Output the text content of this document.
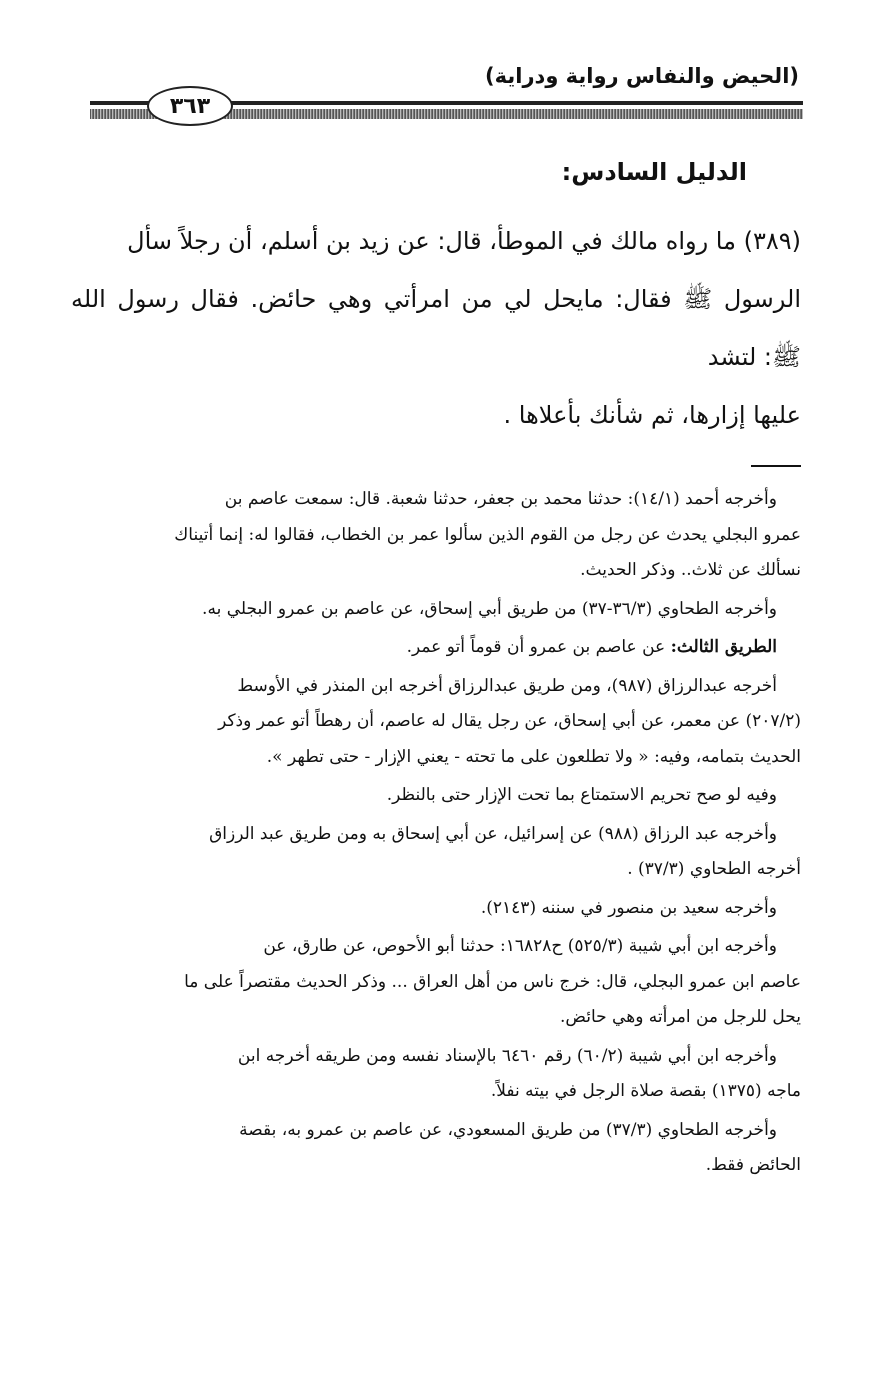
(الحيض والنفاس رواية ودراية)
٣٦٣
الدليل السادس:
(٣٨٩) ما رواه مالك في الموطأ، قال: عن زيد بن أسلم، أن رجلاً سأل
الرسول ﷺ فقال: مايحل لي من امرأتي وهي حائض. فقال رسول الله ﷺ: لتشد
عليها إزارها، ثم شأنك بأعلاها .
وأخرجه أحمد (١٤/١): حدثنا محمد بن جعفر، حدثنا شعبة. قال: سمعت عاصم بن
عمرو البجلي يحدث عن رجل من القوم الذين سألوا عمر بن الخطاب، فقالوا له: إنما أتيناك
نسألك عن ثلاث.. وذكر الحديث.
وأخرجه الطحاوي (٣٦/٣-٣٧) من طريق أبي إسحاق، عن عاصم بن عمرو البجلي به.
الطريق الثالث: عن عاصم بن عمرو أن قوماً أتو عمر.
أخرجه عبدالرزاق (٩٨٧)، ومن طريق عبدالرزاق أخرجه ابن المنذر في الأوسط
(٢٠٧/٢) عن معمر، عن أبي إسحاق، عن رجل يقال له عاصم، أن رهطاً أتو عمر وذكر
الحديث بتمامه، وفيه: « ولا تطلعون على ما تحته - يعني الإزار - حتى تطهر ».
وفيه لو صح تحريم الاستمتاع بما تحت الإزار حتى بالنظر.
وأخرجه عبد الرزاق (٩٨٨) عن إسرائيل، عن أبي إسحاق به ومن طريق عبد الرزاق
أخرجه الطحاوي (٣٧/٣) .
وأخرجه سعيد بن منصور في سننه (٢١٤٣).
وأخرجه ابن أبي شيبة (٥٢٥/٣) ح١٦٨٢٨: حدثنا أبو الأحوص، عن طارق، عن
عاصم ابن عمرو البجلي، قال: خرج ناس من أهل العراق ... وذكر الحديث مقتصراً على ما
يحل للرجل من امرأته وهي حائض.
وأخرجه ابن أبي شيبة (٦٠/٢) رقم ٦٤٦٠ بالإسناد نفسه ومن طريقه أخرجه ابن
ماجه (١٣٧٥) بقصة صلاة الرجل في بيته نفلاً.
وأخرجه الطحاوي (٣٧/٣) من طريق المسعودي، عن عاصم بن عمرو به، بقصة
الحائض فقط.
